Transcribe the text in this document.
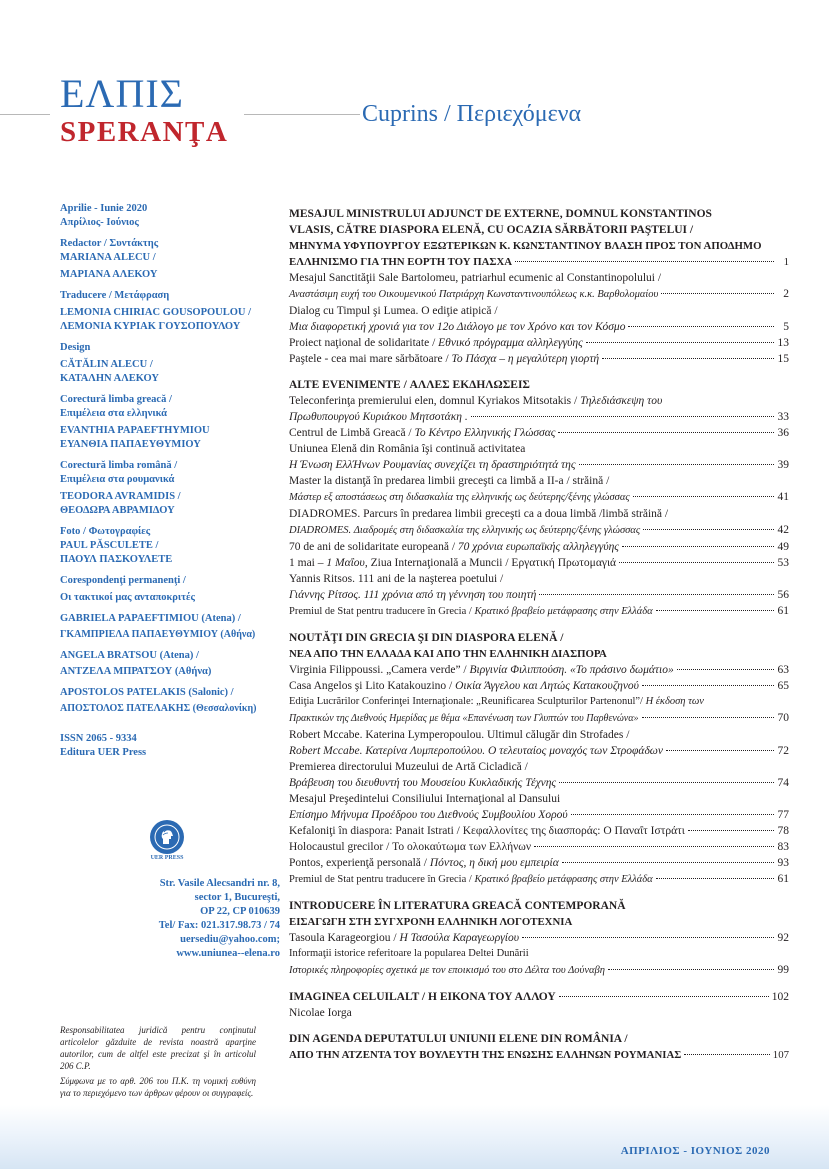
ΕΛΠΙΣ
SPERANŢA
Cuprins / Περιεχόμενα
Aprilie - Iunie 2020
Απρίλιος- Ιούνιος
Redactor / Συντάκτης
MARIANA ALECU /
ΜΑΡΙΑΝΑ ΑΛΕΚΟΥ
Traducere / Μετάφραση
LEMONIA CHIRIAC GOUSOPOULOU /
ΛΕΜΟΝΙΑ ΚΥΡΙΑΚ ΓΟΥΣΟΠΟΥΛΟΥ
Design
CĂTĂLIN ALECU /
ΚΑΤΑΛΗΝ ΑΛΕΚΟΥ
Corectură limba greacă /
Επιμέλεια στα ελληνικά
EVANTHIA PAPAEFTHYMIOU
ΕΥΑΝΘΙΑ ΠΑΠΑΕΥΘΥΜΙΟΥ
Corectură limba română /
Επιμέλεια στα ρουμανικά
TEODORA AVRAMIDIS /
ΘΕΟΔΩΡΑ ΑΒΡΑΜΙΔΟΥ
Foto / Φωτογραφίες
PAUL PĂSCULETE /
ΠΑΟΥΛ ΠΑΣΚΟΥΛΕΤΕ
Corespondenţi permanenţi /
Οι τακτικοί μας ανταποκριτές
GABRIELA PAPAEFTIMIOU (Atena) /
ΓΚΑΜΠΡΙΕΛΑ ΠΑΠΑΕΥΘΥΜΙΟΥ (Αθήνα)
ANGELA BRATSOU (Atena) /
ΑΝΤΖΕΛΑ ΜΠΡΑΤΣΟΥ (Αθήνα)
APOSTOLOS PATELAKIS (Salonic) /
ΑΠΟΣΤΟΛΟΣ ΠΑΤΕΛΑΚΗΣ (Θεσσαλονίκη)
ISSN 2065 - 9334
Editura UER Press
UER PRESS
Str. Vasile Alecsandri nr. 8,
sector 1, Bucureşti,
OP 22, CP 010639
Tel/ Fax: 021.317.98.73 / 74
uersediu@yahoo.com;
www.uniunea--elena.ro
Responsabilitatea juridică pentru conţinutul articolelor găzduite de revista noastră aparţine autorilor, cum de altfel este precizat şi în articolul 206 C.P.
Σύμφωνα με το αρθ. 206 του Π.Κ. τη νομική ευθύνη για το περιεχόμενο των άρθρων φέρουν οι συγγραφείς.
MESAJUL MINISTRULUI ADJUNCT DE EXTERNE, DOMNUL KONSTANTINOS
VLASIS, CĂTRE DIASPORA ELENĂ, CU OCAZIA SĂRBĂTORII PAŞTELUI /
ΜΗΝΥΜΑ ΥΦΥΠΟΥΡΓΟΥ ΕΞΩΤΕΡΙΚΩΝ Κ. ΚΩΝΣΤΑΝΤΙΝΟΥ ΒΛΑΣΗ ΠΡΟΣ ΤΟΝ ΑΠΟΔΗΜΟ
ΕΛΛΗΝΙΣΜΟ ΓΙΑ ΤΗΝ ΕΟΡΤΗ ΤΟΥ ΠΑΣΧΑ	1
Mesajul Sanctităţii Sale Bartolomeu, patriarhul ecumenic al Constantinopolului /
Αναστάσιμη ευχή του Οικουμενικού Πατριάρχη Κωνσταντινουπόλεως κ.κ. Βαρθολομαίου	2
Dialog cu Timpul şi Lumea. O ediţie atipică /
Μια διαφορετική χρονιά για τον 12ο Διάλογο με τον Χρόνο και τον Κόσμο	5
Proiect naţional de solidaritate / Εθνικό πρόγραμμα αλληλεγγύης	13
Paştele - cea mai mare sărbătoare / Το Πάσχα – η μεγαλύτερη γιορτή	15
ALTE EVENIMENTE / ΑΛΛΕΣ ΕΚΔΗΛΩΣΕΙΣ
Teleconferinţa premierului elen, domnul Kyriakos Mitsotakis / Τηλεδιάσκεψη του
Πρωθυπουργού Κυριάκου Μητσοτάκη .	33
Centrul de Limbă Greacă / Το Κέντρο Ελληνικής Γλώσσας	36
Uniunea Elenă din România îşi continuă activitatea
Η Ένωση ΕλλΉνων Ρουμανίας συνεχίζει τη δραστηριότητά της	39
Master la distanţă în predarea limbii greceşti ca limbă a II-a / străină /
Μάστερ εξ αποστάσεως στη διδασκαλία της ελληνικής ως δεύτερης/ξένης γλώσσας	41
DIADROMES. Parcurs în predarea limbii greceşti ca a doua limbă /limbă străină /
DIADROMES. Διαδρομές στη διδασκαλία της ελληνικής ως δεύτερης/ξένης γλώσσας	42
70 de ani de solidaritate europeană / 70 χρόνια ευρωπαϊκής αλληλεγγύης	49
1 mai – 1 Μαΐου, Ziua Internaţională a Muncii / Εργατική Πρωτομαγιά	53
Yannis Ritsos. 111 ani de la naşterea poetului /
Γιάννης Ρίτσος. 111 χρόνια από τη γέννηση του ποιητή	56
Premiul de Stat pentru traducere în Grecia / Κρατικό βραβείο μετάφρασης στην Ελλάδα	61
NOUTĂŢI DIN GRECIA ŞI DIN DIASPORA ELENĂ /
ΝΕΑ ΑΠΟ ΤΗΝ ΕΛΛΑΔΑ ΚΑΙ ΑΠΟ ΤΗΝ ΕΛΛΗΝΙΚΗ ΔΙΑΣΠΟΡΑ
Virginia Filippoussi. „Camera verde” / Βιργινία Φιλιππούση. «Το πράσινο δωμάτιο»	63
Casa Angelos şi Lito Katakouzino / Οικία Άγγελου και Λητώς Κατακουζηνού	65
Ediţia Lucrărilor Conferinţei Internaţionale: „Reunificarea Sculpturilor Partenonul”/ Η έκδοση των
Πρακτικών της Διεθνούς Ημερίδας με θέμα «Επανένωση των Γλυπτών του Παρθενώνα»	70
Robert Mccabe. Katerina Lymperopoulou. Ultimul călugăr din Strofades /
Robert Mccabe. Κατερίνα Λυμπεροπούλου. Ο τελευταίος μοναχός των Στροφάδων	72
Premierea directorului Muzeului de Artă Cicladică /
Βράβευση του διευθυντή του Μουσείου Κυκλαδικής Τέχνης	74
Mesajul Preşedintelui Consiliului Internaţional al Dansului
Επίσημο Μήνυμα Προέδρου του Διεθνούς Συμβουλίου Χορού	77
Kefaloniţi în diaspora: Panait Istrati / Κεφαλλονίτες της διασποράς: Ο Παναΐτ Ιστράτι	78
Holocaustul grecilor / Το ολοκαύτωμα των Ελλήνων	83
Pontos, experienţă personală / Πόντος, η δική μου εμπειρία	93
Premiul de Stat pentru traducere în Grecia / Κρατικό βραβείο μετάφρασης στην Ελλάδα	61
INTRODUCERE ÎN LITERATURA GREACĂ CONTEMPORANĂ
ΕΙΣΑΓΩΓΗ ΣΤΗ ΣΥΓΧΡΟΝΗ ΕΛΛΗΝΙΚΗ ΛΟΓΟΤΕΧΝΙΑ
Tasoula Karageorgiou / Η Τασούλα Καραγεωργίου	92
Informaţii istorice referitoare la popularea Deltei Dunării
Ιστορικές πληροφορίες σχετικά με τον εποικισμό του στο Δέλτα του Δούναβη	99
IMAGINEA CELUILALT / Η ΕΙΚΟΝΑ ΤΟΥ ΑΛΛΟΥ	102
Nicolae Iorga
DIN AGENDA DEPUTATULUI UNIUNII ELENE DIN ROMÂNIA /
ΑΠΟ ΤΗΝ ΑΤΖΕΝΤΑ ΤΟΥ ΒΟΥΛΕΥΤΗ ΤΗΣ ΕΝΩΣΗΣ ΕΛΛΗΝΩΝ ΡΟΥΜΑΝΙΑΣ	107
ΑΠΡΙΛΙΟΣ - ΙΟΥΝΙΟΣ 2020
